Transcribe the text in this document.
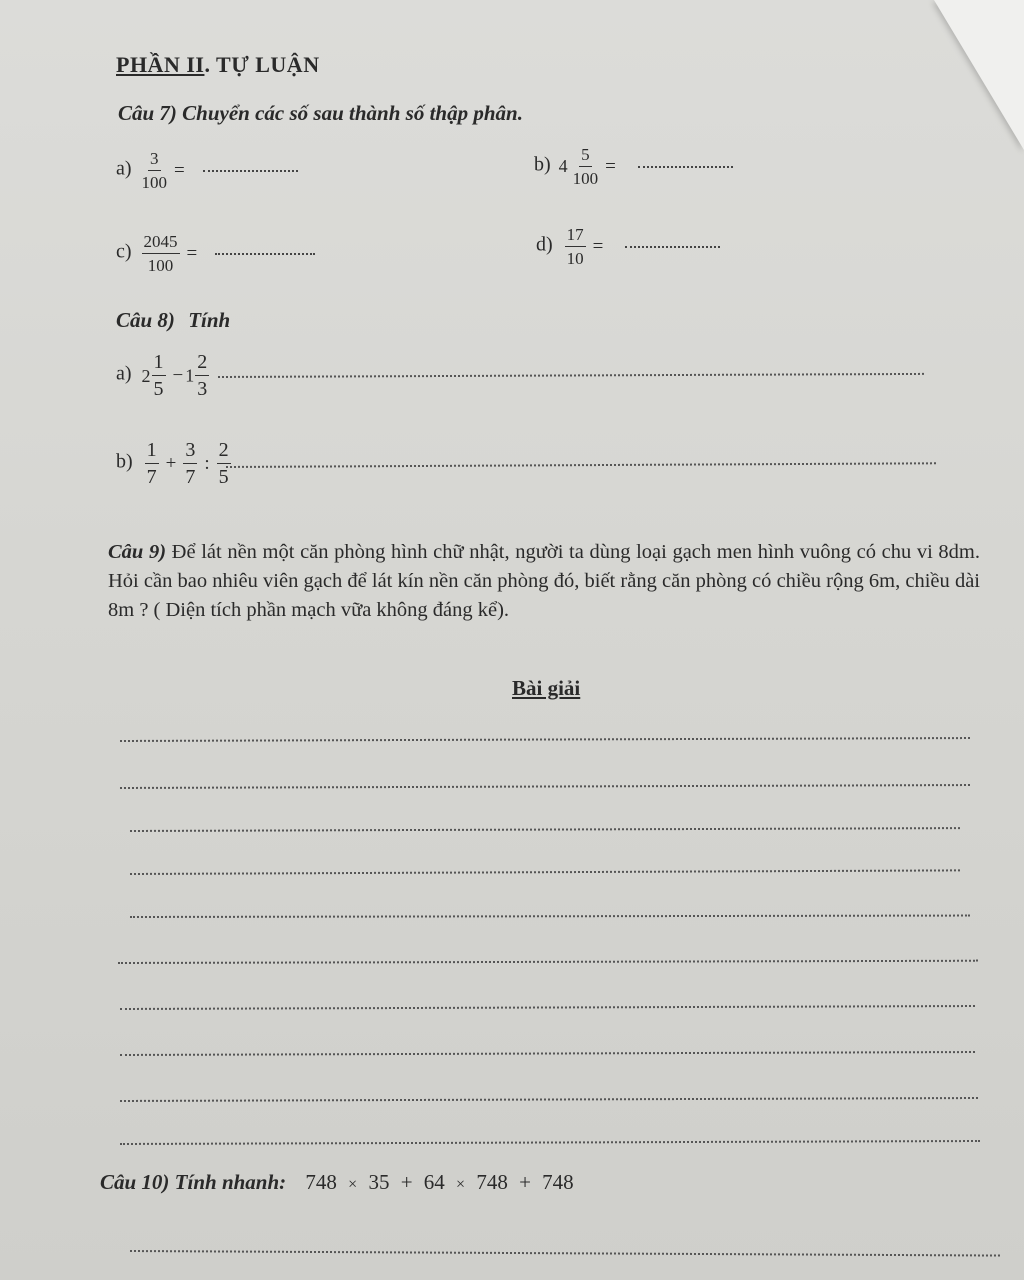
PHẦN II. TỰ LUẬN
Câu 7) Chuyển các số sau thành số thập phân.
$a) \frac{3}{100}$ =	b) $4 \frac{5}{100}$ =
$c) \frac{2045}{100}$ =	$d) \frac{17}{10}$ =
Câu 8) Tính
a) $2 \frac{1}{5} - 1 \frac{2}{3}$
$b) \frac{1}{7} + \frac{3}{7}$ : $\frac{2}{5}$
Câu 9) Để lát nền một căn phòng hình chữ nhật, người ta dùng loại gạch men hình vuông có chu vi 8dm. Hỏi cần bao nhiêu viên gạch để lát kín nền căn phòng đó, biết rằng căn phòng có chiều rộng 6m, chiều dài 8m ? ( Diện tích phần mạch vữa không đáng kể).
Bài giải
Câu 10) Tính nhanh: 748 × 35 + 64 × 748 + 748
